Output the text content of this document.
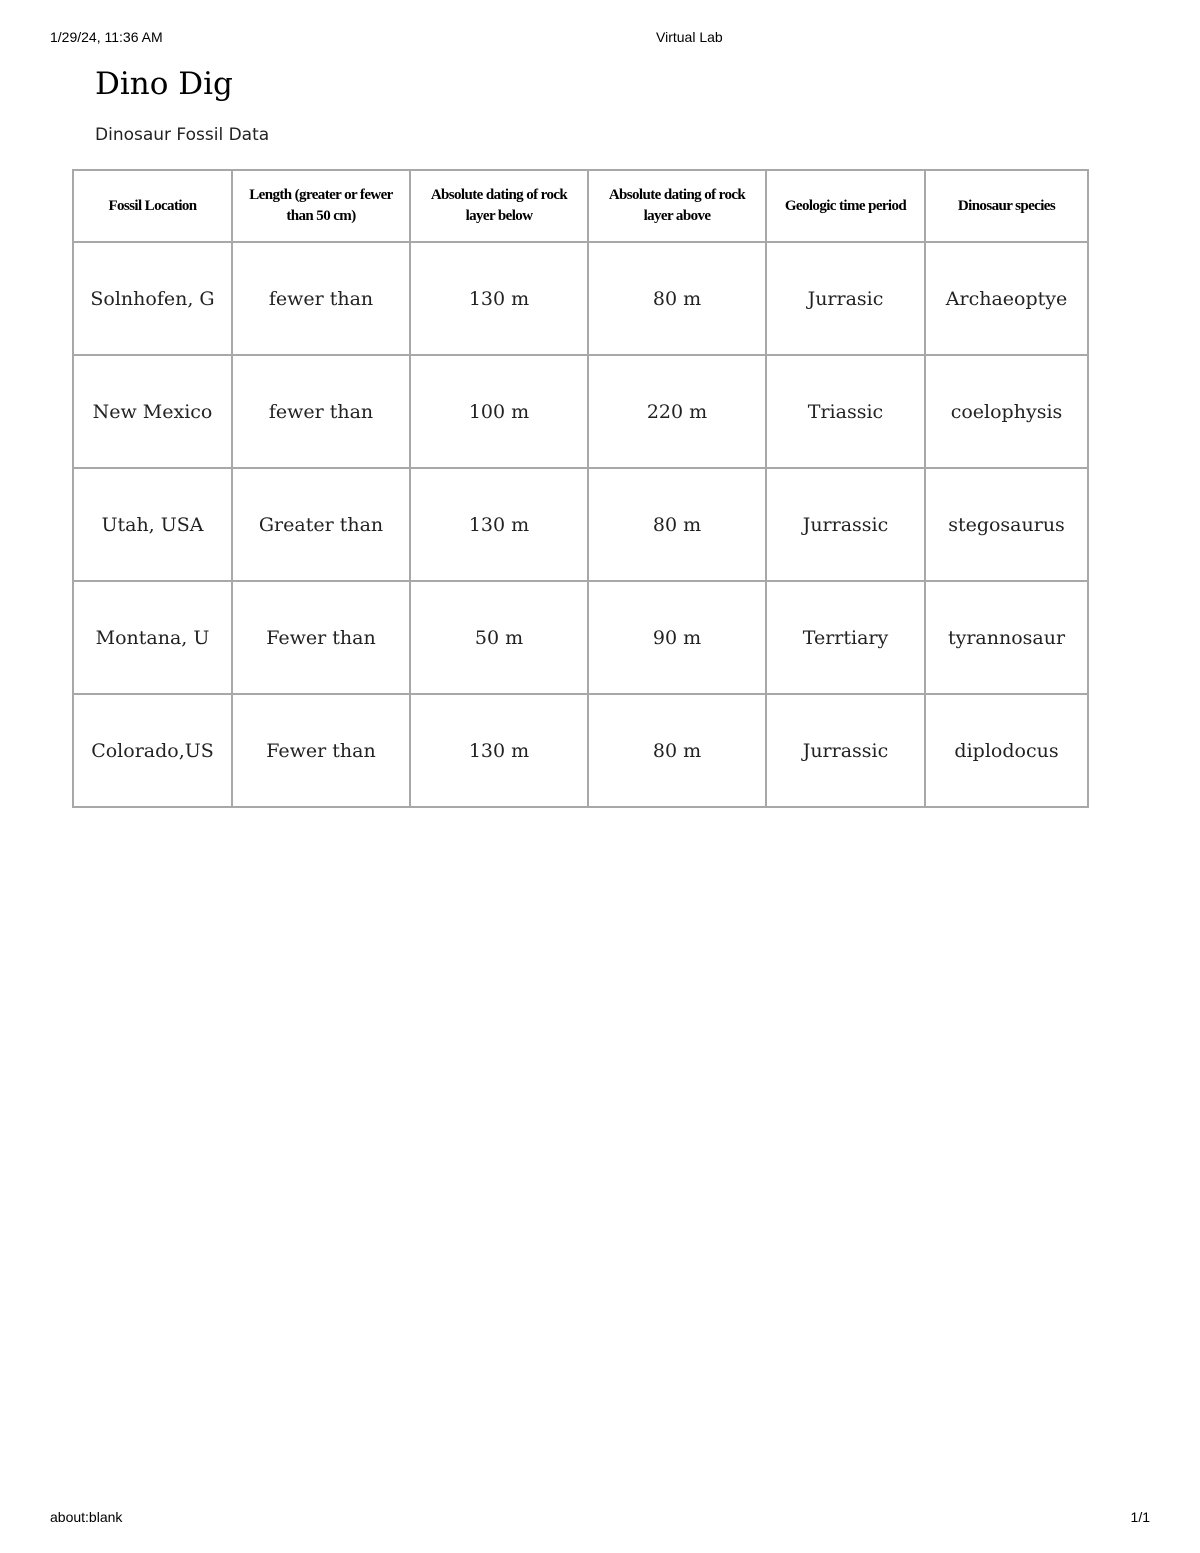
1/29/24, 11:36 AM	Virtual Lab
Dino Dig
Dinosaur Fossil Data
Fossil Location	Length (greater or fewer than 50 cm)	Absolute dating of rock layer below	Absolute dating of rock layer above	Geologic time period	Dinosaur species
Solnhofen, G	fewer than	130 m	80 m	Jurrasic	Archaeoptye
New Mexico	fewer than	100 m	220 m	Triassic	coelophysis
Utah, USA	Greater than	130 m	80 m	Jurrassic	stegosaurus
Montana, U	Fewer than	50 m	90 m	Terrtiary	tyrannosaur
Colorado,US	Fewer than	130 m	80 m	Jurrassic	diplodocus
about:blank	1/1
